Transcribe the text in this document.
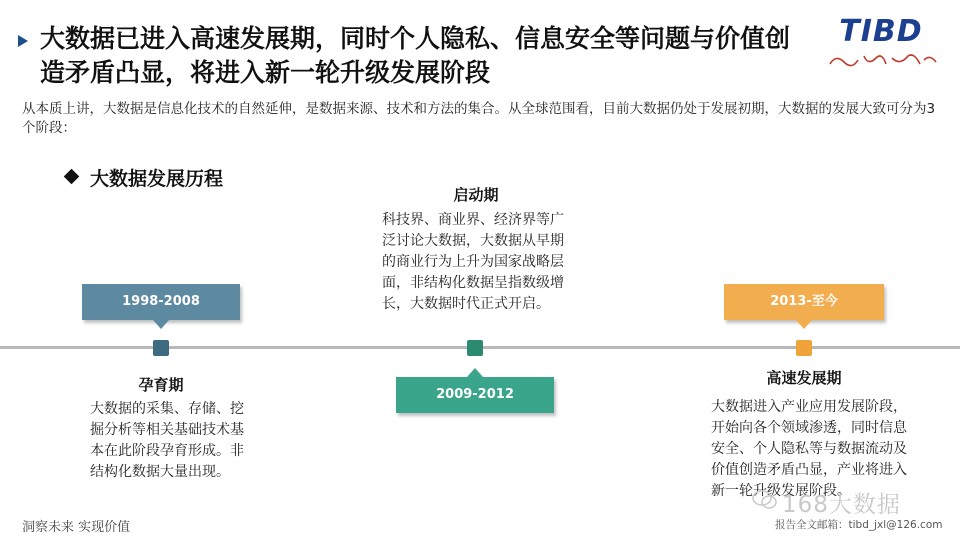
大数据已进入高速发展期，同时个人隐私、信息安全等问题与价值创造矛盾凸显，将进入新一轮升级发展阶段
TIBD

从本质上讲，大数据是信息化技术的自然延伸，是数据来源、技术和方法的集合。从全球范围看，目前大数据仍处于发展初期，大数据的发展大致可分为3个阶段：

大数据发展历程
1998-2008
孕育期
大数据的采集、存储、挖掘分析等相关基础技术基本在此阶段孕育形成。非结构化数据大量出现。
启动期
科技界、商业界、经济界等广泛讨论大数据，大数据从早期的商业行为上升为国家战略层面，非结构化数据呈指数级增长，大数据时代正式开启。
2009-2012
2013-至今
高速发展期
大数据进入产业应用发展阶段，开始向各个领域渗透，同时信息安全、个人隐私等与数据流动及价值创造矛盾凸显，产业将进入新一轮升级发展阶段。
洞察未来 实现价值
168大数据
报告全文邮箱：tibd_jxl@126.com
